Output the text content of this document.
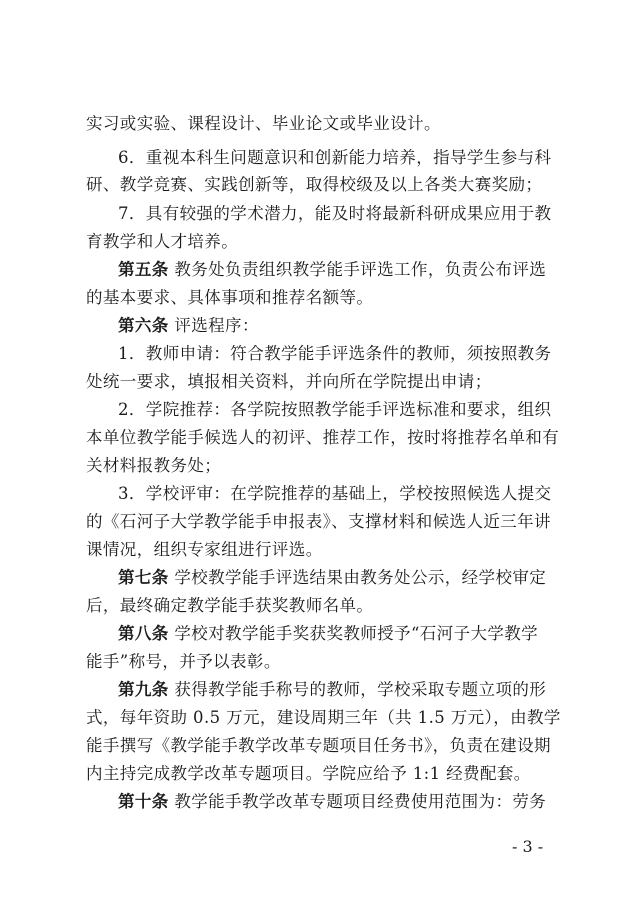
实习或实验、课程设计、毕业论文或毕业设计。
6．重视本科生问题意识和创新能力培养，指导学生参与科
研、教学竞赛、实践创新等，取得校级及以上各类大赛奖励；
7．具有较强的学术潜力，能及时将最新科研成果应用于教
育教学和人才培养。
第五条 教务处负责组织教学能手评选工作，负责公布评选
的基本要求、具体事项和推荐名额等。
第六条 评选程序：
1．教师申请：符合教学能手评选条件的教师，须按照教务
处统一要求，填报相关资料，并向所在学院提出申请；
2．学院推荐：各学院按照教学能手评选标准和要求，组织
本单位教学能手候选人的初评、推荐工作，按时将推荐名单和有
关材料报教务处；
3．学校评审：在学院推荐的基础上，学校按照候选人提交
的《石河子大学教学能手申报表》、支撑材料和候选人近三年讲
课情况，组织专家组进行评选。
第七条 学校教学能手评选结果由教务处公示，经学校审定
后，最终确定教学能手获奖教师名单。
第八条 学校对教学能手奖获奖教师授予“石河子大学教学
能手”称号，并予以表彰。
第九条 获得教学能手称号的教师，学校采取专题立项的形
式，每年资助 0.5 万元，建设周期三年（共 1.5 万元），由教学
能手撰写《教学能手教学改革专题项目任务书》，负责在建设期
内主持完成教学改革专题项目。学院应给予 1:1 经费配套。
第十条 教学能手教学改革专题项目经费使用范围为：劳务
- 3 -
